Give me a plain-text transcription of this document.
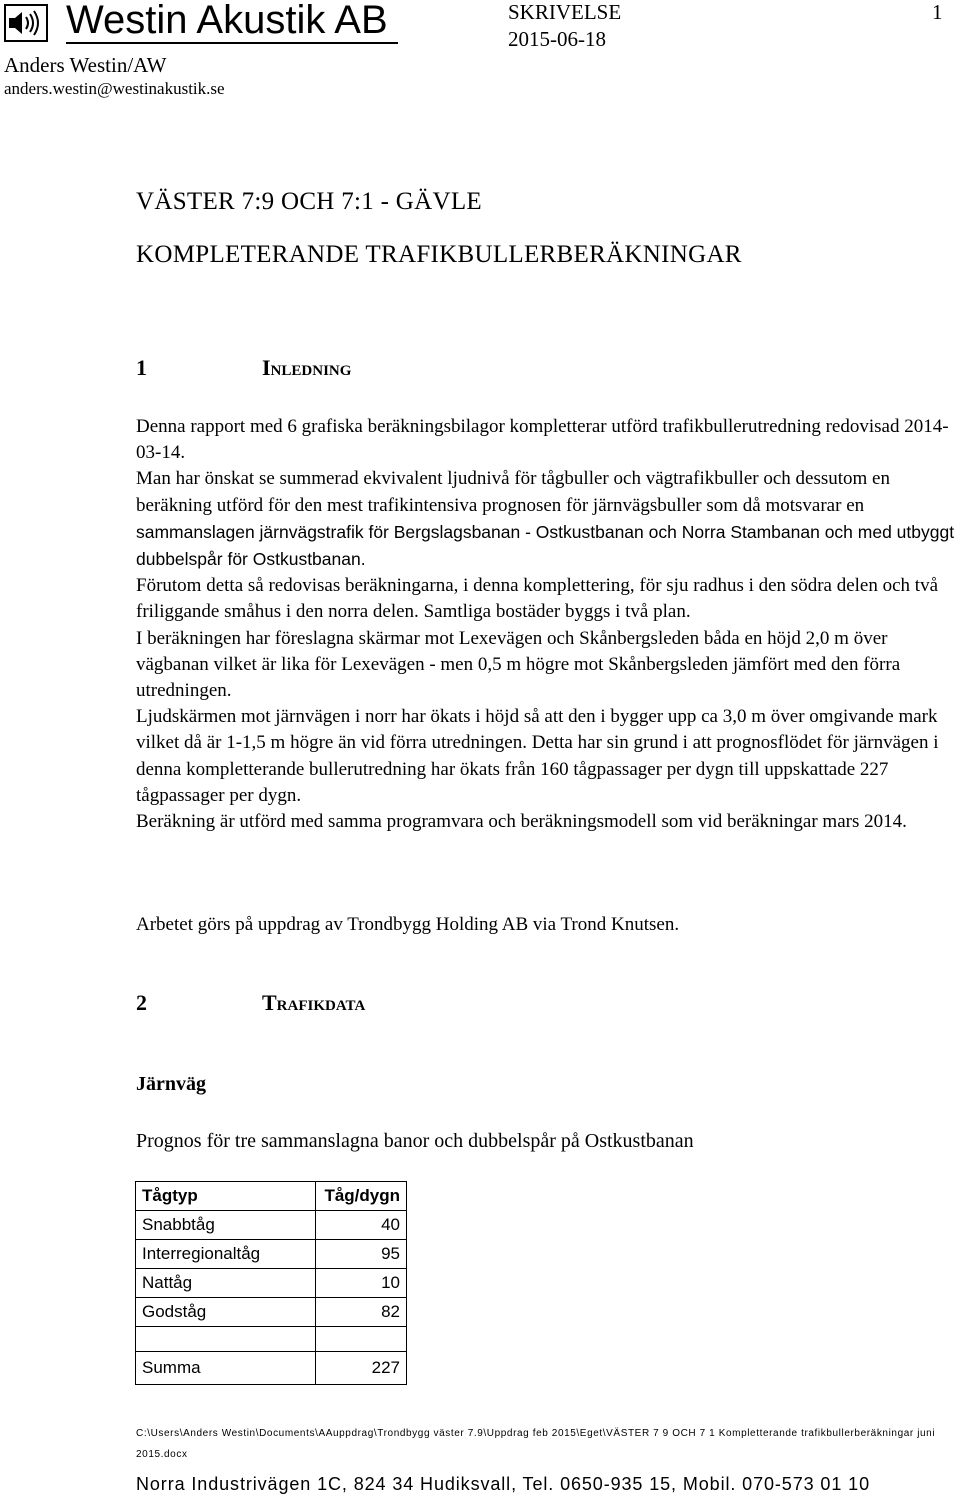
Westin Akustik AB	SKRIVELSE
2015-06-18
1
Anders Westin/AW
anders.westin@westinakustik.se
VÄSTER 7:9 OCH 7:1 - GÄVLE
KOMPLETERANDE TRAFIKBULLERBERÄKNINGAR
1	Inledning

Denna rapport med 6 grafiska beräkningsbilagor kompletterar utförd trafikbullerutredning redovisad 2014-03-14.

Man har önskat se summerad ekvivalent ljudnivå för tågbuller och vägtrafikbuller och dessutom en beräkning utförd för den mest trafikintensiva prognosen för järnvägsbuller som då motsvarar en sammanslagen järnvägstrafik för Bergslagsbanan - Ostkustbanan och Norra Stambanan och med utbyggt dubbelspår för Ostkustbanan.

Förutom detta så redovisas beräkningarna, i denna komplettering, för sju radhus i den södra delen och två friliggande småhus i den norra delen. Samtliga bostäder byggs i två plan.

I beräkningen har föreslagna skärmar mot Lexevägen och Skånbergsleden båda en höjd 2,0 m över vägbanan vilket är lika för Lexevägen - men 0,5 m högre mot Skånbergsleden jämfört med den förra utredningen.

Ljudskärmen mot järnvägen i norr har ökats i höjd så att den i bygger upp ca 3,0 m över omgivande mark vilket då är 1-1,5 m högre än vid förra utredningen. Detta har sin grund i att prognosflödet för järnvägen i denna kompletterande bullerutredning har ökats från 160 tågpassager per dygn till uppskattade 227 tågpassager per dygn.

Beräkning är utförd med samma programvara och beräkningsmodell som vid beräkningar mars 2014.

Arbetet görs på uppdrag av Trondbygg Holding AB via Trond Knutsen.
2	Trafikdata
Järnväg
Prognos för tre sammanslagna banor och dubbelspår på Ostkustbanan
Tågtyp	Tåg/dygn
Snabbtåg	40
Interregionaltåg	95
Nattåg	10
Godståg	82

Summa	227
C:\Users\Anders Westin\Documents\AAuppdrag\Trondbygg väster 7.9\Uppdrag feb 2015\Eget\VÄSTER 7 9 OCH 7 1 Kompletterande trafikbullerberäkningar juni 2015.docx
Norra Industrivägen 1C, 824 34 Hudiksvall, Tel. 0650-935 15, Mobil. 070-573 01 10
